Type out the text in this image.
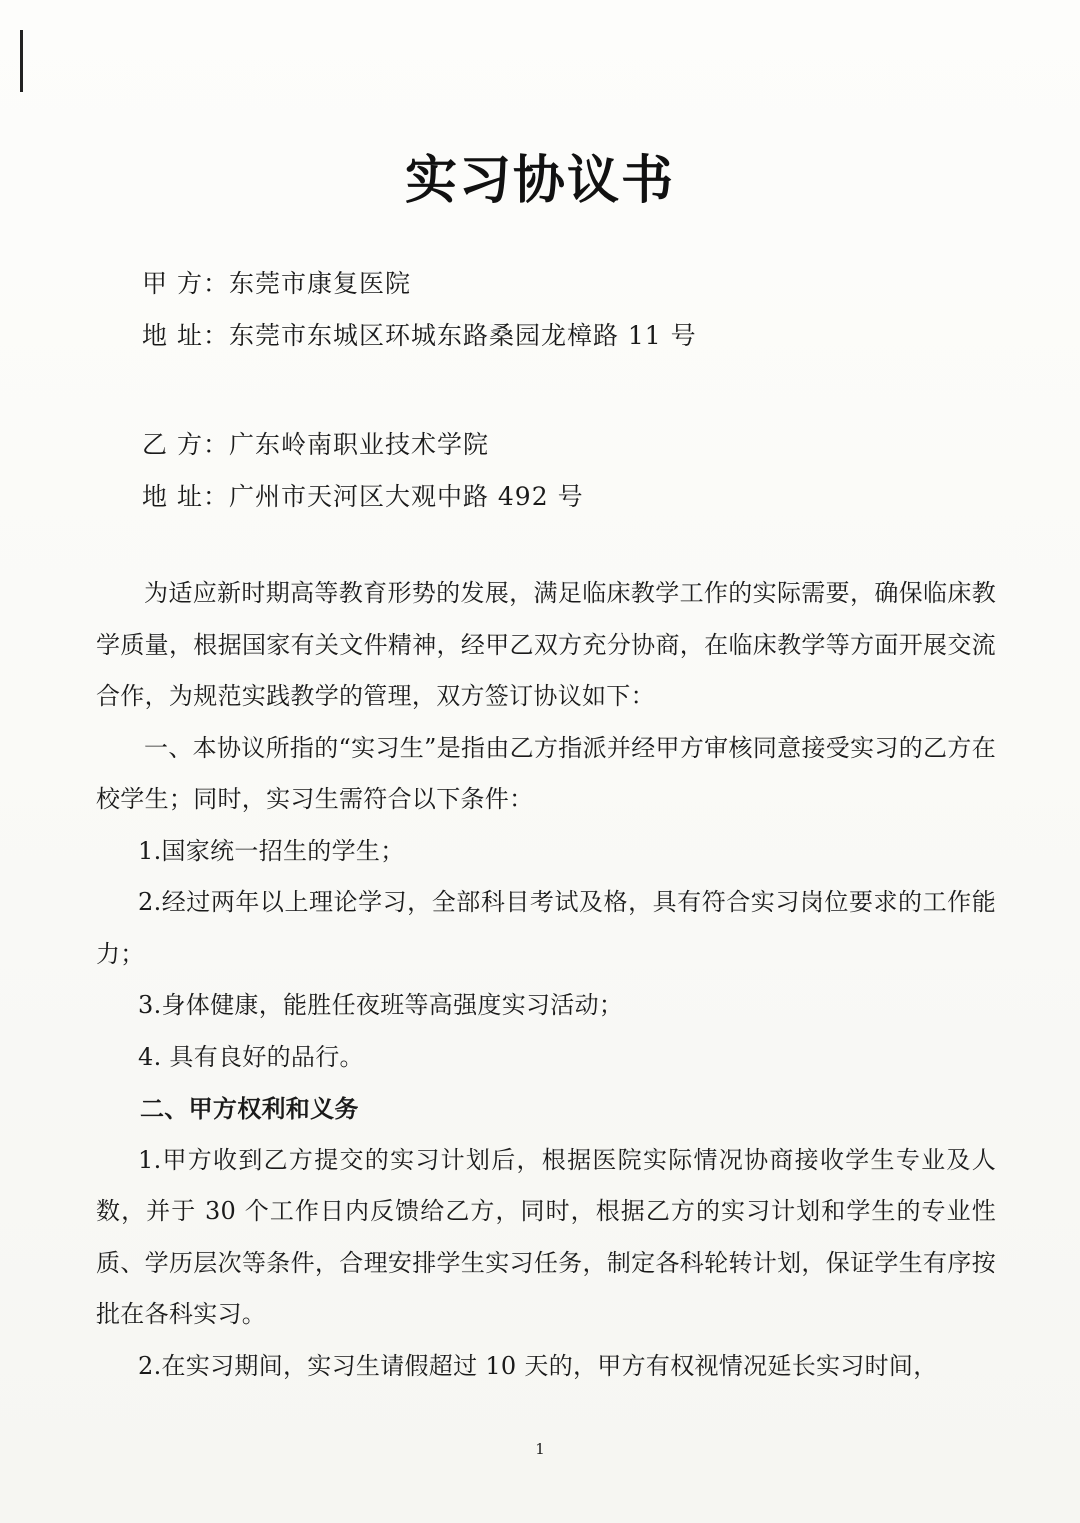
实习协议书
甲 方：东莞市康复医院
地 址：东莞市东城区环城东路桑园龙樟路 11 号
乙 方：广东岭南职业技术学院
地 址：广州市天河区大观中路 492 号

为适应新时期高等教育形势的发展，满足临床教学工作的实际需要，确保临床教学质量，根据国家有关文件精神，经甲乙双方充分协商，在临床教学等方面开展交流合作，为规范实践教学的管理，双方签订协议如下：

一、本协议所指的“实习生”是指由乙方指派并经甲方审核同意接受实习的乙方在校学生；同时，实习生需符合以下条件：

1.国家统一招生的学生；

2.经过两年以上理论学习，全部科目考试及格，具有符合实习岗位要求的工作能力；

3.身体健康，能胜任夜班等高强度实习活动；

4. 具有良好的品行。

二、甲方权利和义务

1.甲方收到乙方提交的实习计划后，根据医院实际情况协商接收学生专业及人数，并于 30 个工作日内反馈给乙方，同时，根据乙方的实习计划和学生的专业性质、学历层次等条件，合理安排学生实习任务，制定各科轮转计划，保证学生有序按批在各科实习。

2.在实习期间，实习生请假超过 10 天的，甲方有权视情况延长实习时间，

1
